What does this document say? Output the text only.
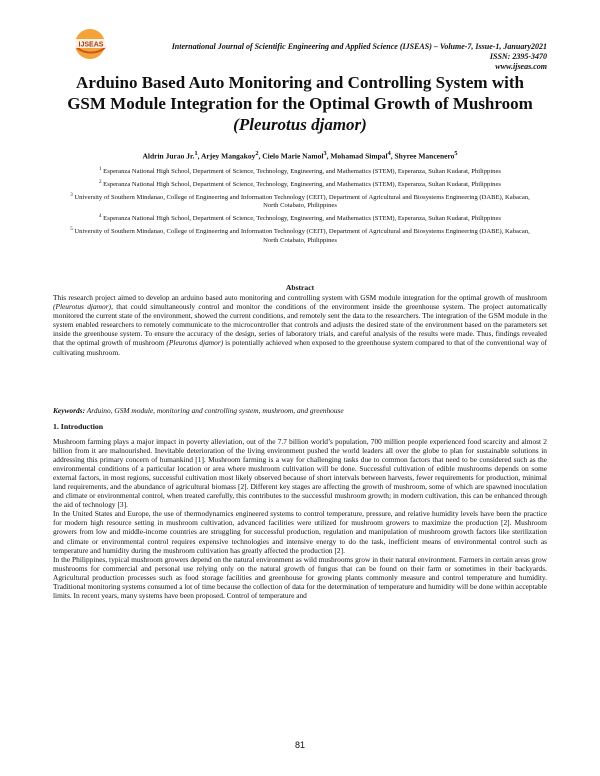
IJSEAS	International Journal of Scientific Engineering and Applied Science (IJSEAS) – Volume-7, Issue-1, January2021
ISSN: 2395-3470
www.ijseas.com
Arduino Based Auto Monitoring and Controlling System with GSM Module Integration for the Optimal Growth of Mushroom (Pleurotus djamor)
Aldrin Jurao Jr.$^1$, Arjey Mangakoy$^2$, Cielo Marie Namol$^3$, Mohamad Simpal$^4$, Shyree Mancenero$^5$
$^1$ Esperanza National High School, Department of Science, Technology, Engineering, and Mathematics (STEM), Esperanza, Sultan Kudarat, Philippines
$^2$ Esperanza National High School, Department of Science, Technology, Engineering, and Mathematics (STEM), Esperanza, Sultan Kudarat, Philippines
$^3$ University of Southern Mindanao, College of Engineering and Information Technology (CEIT), Department of Agricultural and Biosystems Engineering (DABE), Kabacan, North Cotabato, Philippines
$^4$ Esperanza National High School, Department of Science, Technology, Engineering, and Mathematics (STEM), Esperanza, Sultan Kudarat, Philippines
$^5$ University of Southern Mindanao, College of Engineering and Information Technology (CEIT), Department of Agricultural and Biosystems Engineering (DABE), Kabacan, North Cotabato, Philippines
Abstract
This research project aimed to develop an arduino based auto monitoring and controlling system with GSM module integration for the optimal growth of mushroom (Pleurotus djamor), that could simultaneously control and monitor the conditions of the environment inside the greenhouse system. The project automatically monitored the current state of the environment, showed the current conditions, and remotely sent the data to the researchers. The integration of the GSM module in the system enabled researchers to remotely communicate to the microcontroller that controls and adjusts the desired state of the environment based on the parameters set inside the greenhouse system. To ensure the accuracy of the design, series of laboratory trials, and careful analysis of the results were made. Thus, findings revealed that the optimal growth of mushroom (Pleurotus djamor) is potentially achieved when exposed to the greenhouse system compared to that of the conventional way of cultivating mushroom.
Keywords: Arduino, GSM module, monitoring and controlling system, mushroom, and greenhouse
1. Introduction

Mushroom farming plays a major impact in poverty alleviation, out of the 7.7 billion world’s population, 700 million people experienced food scarcity and almost 2 billion from it are malnourished. Inevitable deterioration of the living environment pushed the world leaders all over the globe to plan for sustainable solutions in addressing this primary concern of humankind [1]. Mushroom farming is a way for challenging tasks due to common factors that need to be considered such as the environmental conditions of a particular location or area where mushroom cultivation will be done. Successful cultivation of edible mushrooms depends on some external factors, in most regions, successful cultivation most likely observed because of short intervals between harvests, fewer requirements for production, minimal land requirements, and the abundance of agricultural biomass [2]. Different key stages are affecting the growth of mushroom, some of which are spawned inoculation and climate or environmental control, when treated carefully, this contributes to the successful mushroom growth; in modern cultivation, this can be enhanced through the aid of technology [3].

In the United States and Europe, the use of thermodynamics engineered systems to control temperature, pressure, and relative humidity levels have been the practice for modern high resource setting in mushroom cultivation, advanced facilities were utilized for mushroom growers to maximize the production [2]. Mushroom growers from low and middle-income countries are struggling for successful production, regulation and manipulation of mushroom growth factors like sterilization and climate or environmental control requires expensive technologies and intensive energy to do the task, inefficient means of environmental control such as temperature and humidity during the mushroom cultivation has greatly affected the production [2].

In the Philippines, typical mushroom growers depend on the natural environment as wild mushrooms grow in their natural environment. Farmers in certain areas grow mushrooms for commercial and personal use relying only on the natural growth of fungus that can be found on their farm or sometimes in their backyards. Agricultural production processes such as food storage facilities and greenhouse for growing plants commonly measure and control temperature and humidity. Traditional monitoring systems consumed a lot of time because the collection of data for the determination of temperature and humidity will be done within acceptable limits. In recent years, many systems have been proposed. Control of temperature and

81
